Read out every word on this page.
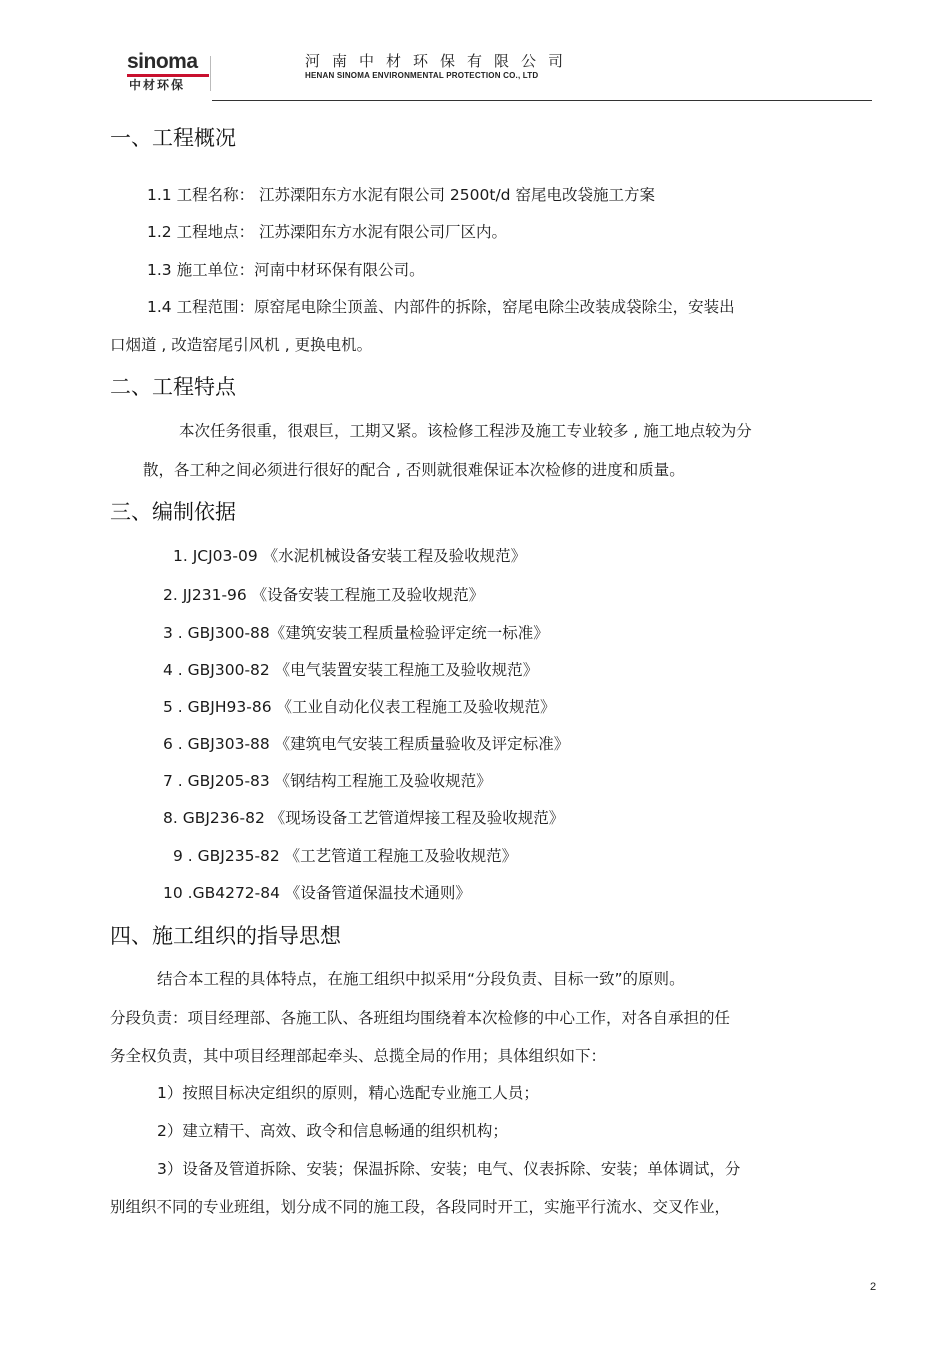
sinoma
中材环保
河南中材环保有限公司
HENAN SINOMA ENVIRONMENTAL PROTECTION CO., LTD
一、工程概况
1.1 工程名称： 江苏溧阳东方水泥有限公司 2500t/d 窑尾电改袋施工方案
1.2 工程地点： 江苏溧阳东方水泥有限公司厂区内。
1.3 施工单位：河南中材环保有限公司。
1.4 工程范围：原窑尾电除尘顶盖、内部件的拆除，窑尾电除尘改装成袋除尘，安装出
口烟道 , 改造窑尾引风机 , 更换电机。
二、工程特点
本次任务很重，很艰巨，工期又紧。该检修工程涉及施工专业较多 , 施工地点较为分
散，各工种之间必须进行很好的配合 , 否则就很难保证本次检修的进度和质量。
三、编制依据
1. JCJ03-09 《水泥机械设备安装工程及验收规范》
2. JJ231-96 《设备安装工程施工及验收规范》
3 . GBJ300-88《建筑安装工程质量检验评定统一标准》
4 . GBJ300-82 《电气装置安装工程施工及验收规范》
5 . GBJH93-86 《工业自动化仪表工程施工及验收规范》
6 . GBJ303-88 《建筑电气安装工程质量验收及评定标准》
7 . GBJ205-83 《钢结构工程施工及验收规范》
8. GBJ236-82 《现场设备工艺管道焊接工程及验收规范》
9 . GBJ235-82 《工艺管道工程施工及验收规范》
10 .GB4272-84 《设备管道保温技术通则》
四、施工组织的指导思想
结合本工程的具体特点，在施工组织中拟采用“分段负责、目标一致”的原则。
分段负责：项目经理部、各施工队、各班组均围绕着本次检修的中心工作，对各自承担的任
务全权负责，其中项目经理部起牵头、总揽全局的作用；具体组织如下：
1）按照目标决定组织的原则，精心选配专业施工人员；
2）建立精干、高效、政令和信息畅通的组织机构；
3）设备及管道拆除、安装；保温拆除、安装；电气、仪表拆除、安装；单体调试，分
别组织不同的专业班组，划分成不同的施工段，各段同时开工，实施平行流水、交叉作业，
2
